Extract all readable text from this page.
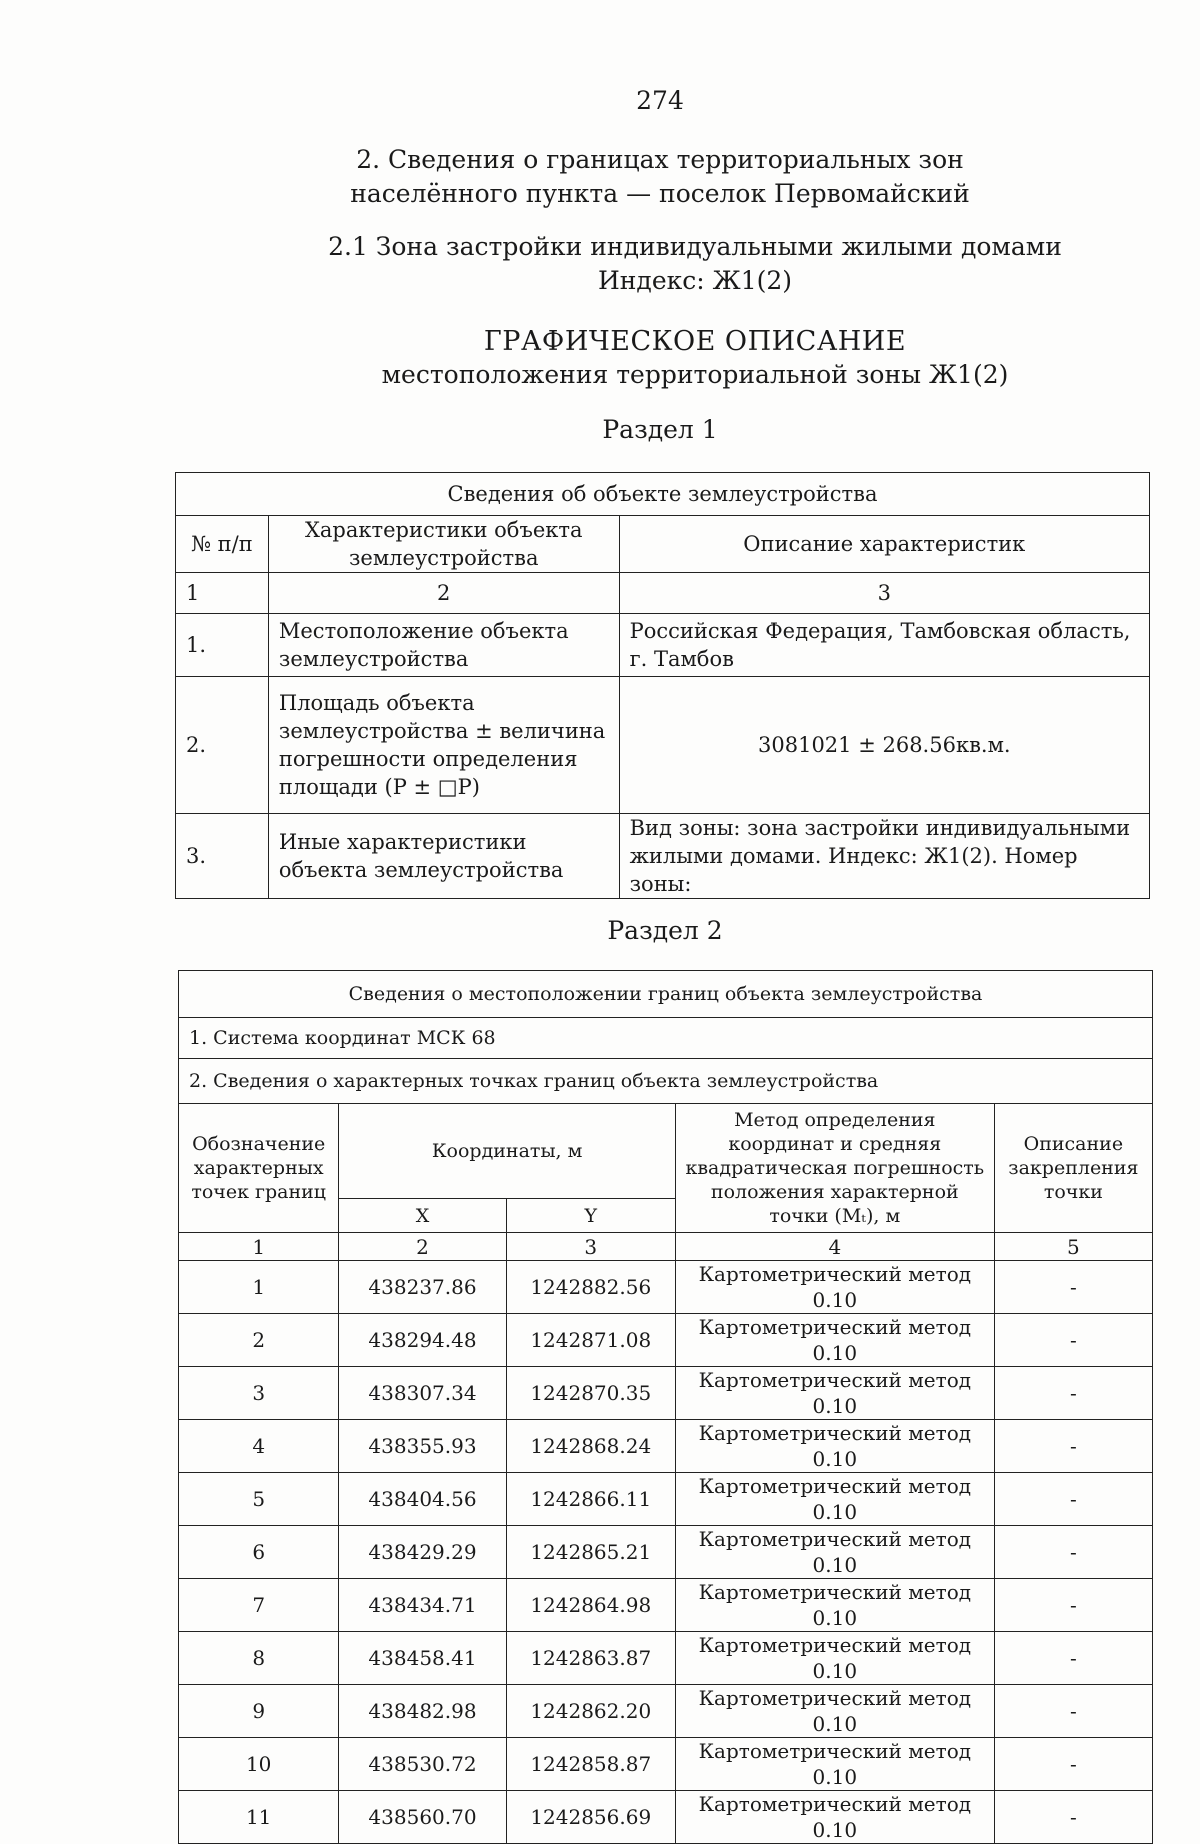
274
2. Сведения о границах территориальных зон
населённого пункта — поселок Первомайский
2.1 Зона застройки индивидуальными жилыми домами
Индекс: Ж1(2)
ГРАФИЧЕСКОЕ ОПИСАНИЕ
местоположения территориальной зоны Ж1(2)
Раздел 1
Сведения об объекте землеустройства		
№ п/п	Характеристики объекта землеустройства	Описание характеристик
1	2	3
1.	Местоположение объекта землеустройства	Российская Федерация, Тамбовская область, г. Тамбов
2.	Площадь объекта землеустройства ± величина погрешности определения площади (Р ± □Р)	3081021 ± 268.56кв.м.
3.	Иные характеристики объекта землеустройства	Вид зоны: зона застройки индивидуальными жилыми домами. Индекс: Ж1(2). Номер зоны:
Раздел 2
Сведения о местоположении границ объекта землеустройства				
1. Система координат МСК 68				
2. Сведения о характерных точках границ объекта землеустройства				
Обозначение характерных точек границ	Координаты, м		Метод определения координат и средняя квадратическая погрешность положения характерной точки (Mₜ), м	Описание закрепления точки
	X	Y		
1	2	3	4	5
1	438237.86	1242882.56	Картометрический метод 0.10	-
2	438294.48	1242871.08	Картометрический метод 0.10	-
3	438307.34	1242870.35	Картометрический метод 0.10	-
4	438355.93	1242868.24	Картометрический метод 0.10	-
5	438404.56	1242866.11	Картометрический метод 0.10	-
6	438429.29	1242865.21	Картометрический метод 0.10	-
7	438434.71	1242864.98	Картометрический метод 0.10	-
8	438458.41	1242863.87	Картометрический метод 0.10	-
9	438482.98	1242862.20	Картометрический метод 0.10	-
10	438530.72	1242858.87	Картометрический метод 0.10	-
11	438560.70	1242856.69	Картометрический метод 0.10	-
